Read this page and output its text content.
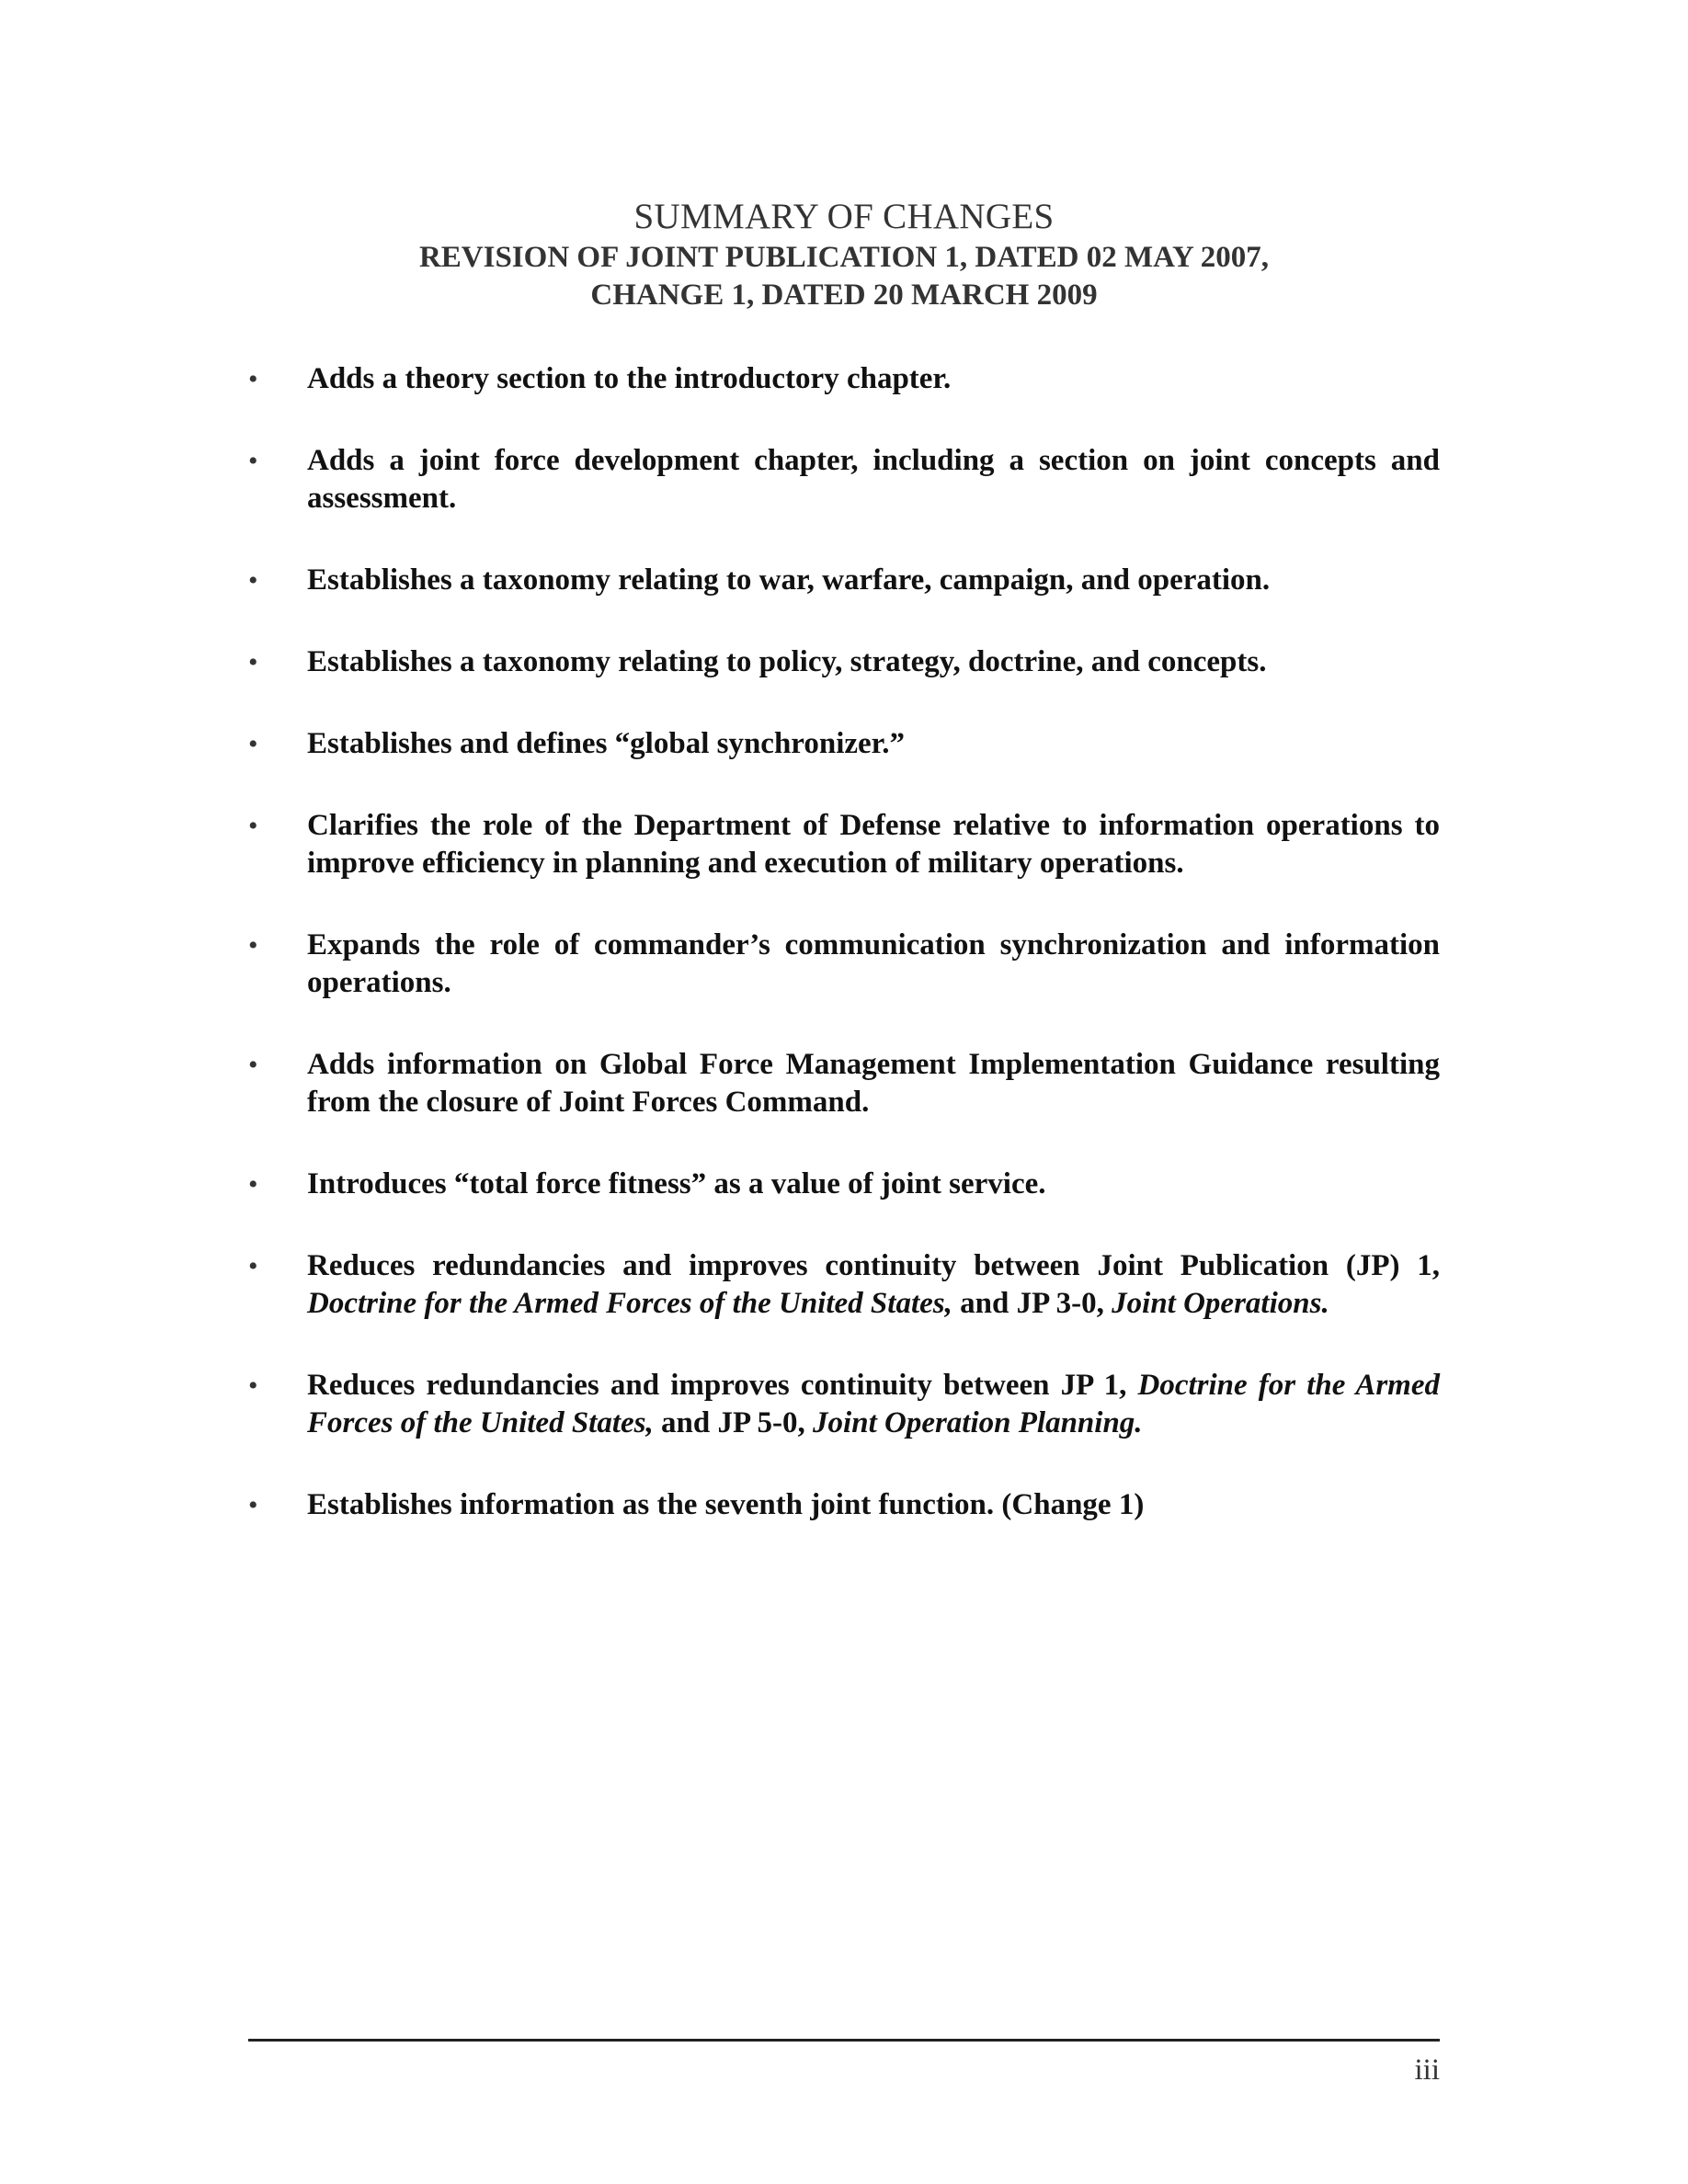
SUMMARY OF CHANGES
REVISION OF JOINT PUBLICATION 1, DATED 02 MAY 2007,
CHANGE 1, DATED 20 MARCH 2009
• Adds a theory section to the introductory chapter.
• Adds a joint force development chapter, including a section on joint concepts and assessment.
• Establishes a taxonomy relating to war, warfare, campaign, and operation.
• Establishes a taxonomy relating to policy, strategy, doctrine, and concepts.
• Establishes and defines “global synchronizer.”
• Clarifies the role of the Department of Defense relative to information operations to improve efficiency in planning and execution of military operations.
• Expands the role of commander’s communication synchronization and information operations.
• Adds information on Global Force Management Implementation Guidance resulting from the closure of Joint Forces Command.
• Introduces “total force fitness” as a value of joint service.
• Reduces redundancies and improves continuity between Joint Publication (JP) 1, Doctrine for the Armed Forces of the United States, and JP 3-0, Joint Operations.
• Reduces redundancies and improves continuity between JP 1, Doctrine for the Armed Forces of the United States, and JP 5-0, Joint Operation Planning.
• Establishes information as the seventh joint function. (Change 1)
iii
